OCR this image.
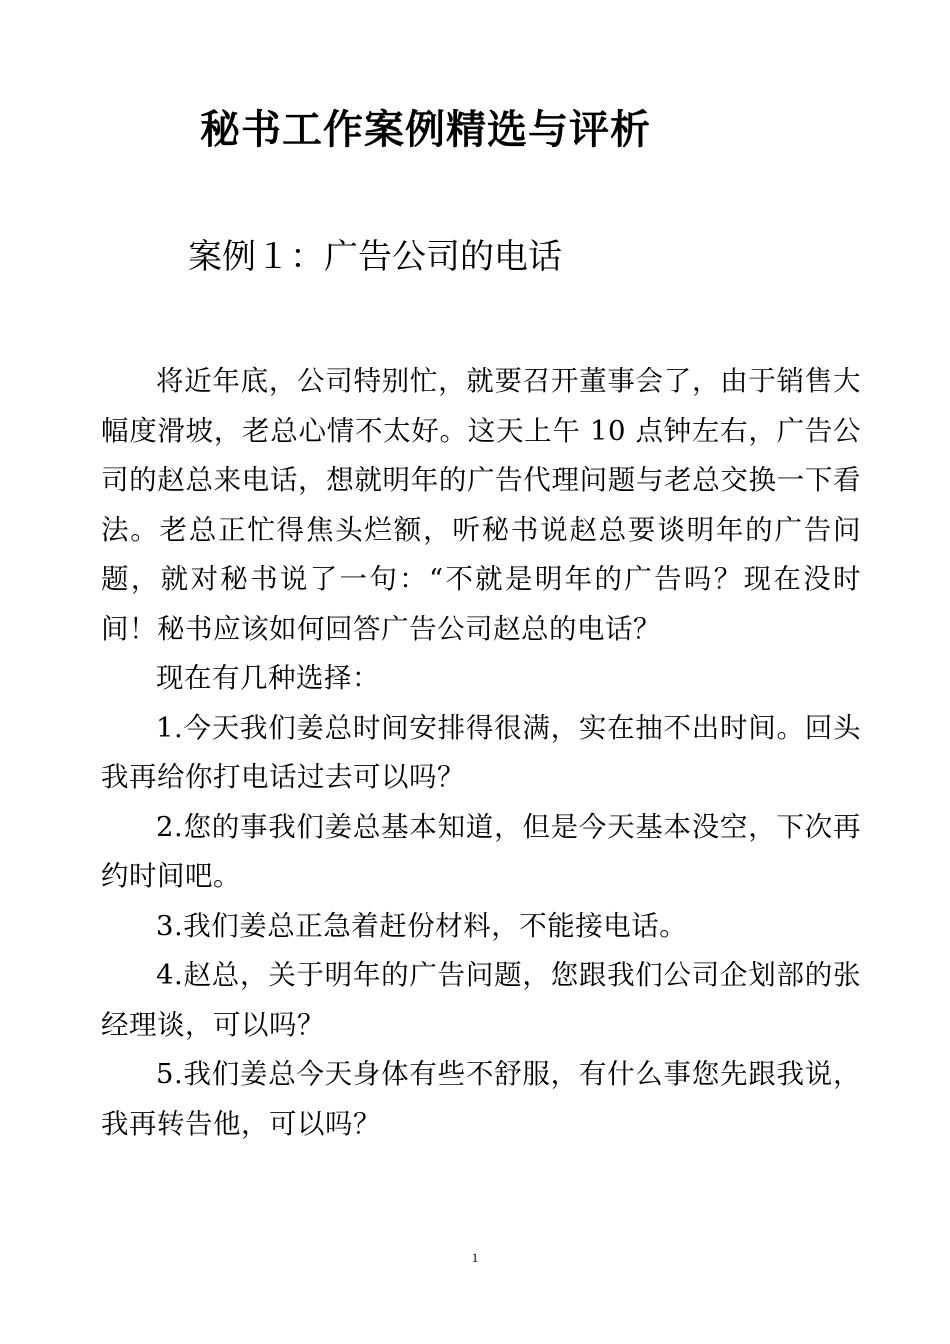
秘书工作案例精选与评析
案例１：广告公司的电话

将近年底，公司特别忙，就要召开董事会了，由于销售大幅度滑坡，老总心情不太好。这天上午 10 点钟左右，广告公司的赵总来电话，想就明年的广告代理问题与老总交换一下看法。老总正忙得焦头烂额，听秘书说赵总要谈明年的广告问题，就对秘书说了一句：“不就是明年的广告吗？现在没时间！秘书应该如何回答广告公司赵总的电话？

现在有几种选择：

1.今天我们姜总时间安排得很满，实在抽不出时间。回头我再给你打电话过去可以吗？

2.您的事我们姜总基本知道，但是今天基本没空，下次再约时间吧。

3.我们姜总正急着赶份材料，不能接电话。

4.赵总，关于明年的广告问题，您跟我们公司企划部的张经理谈，可以吗？

5.我们姜总今天身体有些不舒服，有什么事您先跟我说，我再转告他，可以吗？

1
